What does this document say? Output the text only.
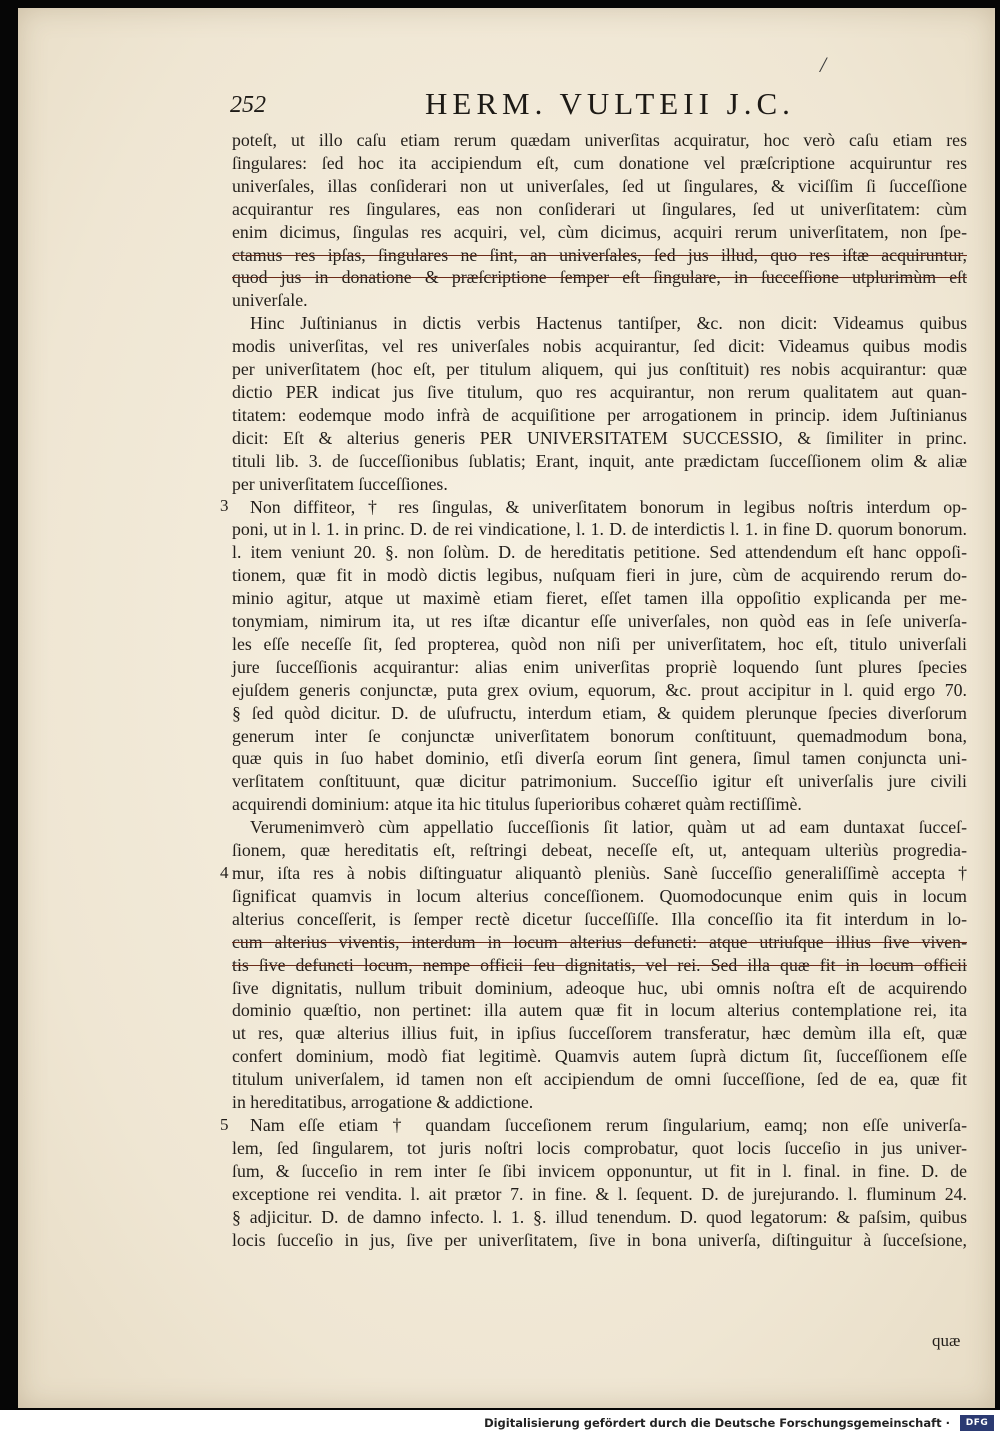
/
252	HERM. VULTEII J.C.
poteſt, ut illo caſu etiam rerum quædam univerſitas acquiratur, hoc verò caſu etiam res
ſingulares: ſed hoc ita accipiendum eſt, cum donatione vel præſcriptione acquiruntur res
univerſales, illas conſiderari non ut univerſales, ſed ut ſingulares, & viciſſim ſi ſucceſſione
acquirantur res ſingulares, eas non conſiderari ut ſingulares, ſed ut univerſitatem: cùm
enim dicimus, ſingulas res acquiri, vel, cùm dicimus, acquiri rerum univerſitatem, non ſpe-
ctamus res ipſas, ſingulares ne ſint, an univerſales, ſed jus illud, quo res iſtæ acquiruntur,
quod jus in donatione & præſcriptione ſemper eſt ſingulare, in ſucceſſione utplurimùm eſt
univerſale.
Hinc Juſtinianus in dictis verbis Hactenus tantiſper, &c. non dicit: Videamus quibus
modis univerſitas, vel res univerſales nobis acquirantur, ſed dicit: Videamus quibus modis
per univerſitatem (hoc eſt, per titulum aliquem, qui jus conſtituit) res nobis acquirantur: quæ
dictio PER indicat jus ſive titulum, quo res acquirantur, non rerum qualitatem aut quan-
titatem: eodemque modo infrà de acquiſitione per arrogationem in princip. idem Juſtinianus
dicit: Eſt & alterius generis PER UNIVERSITATEM SUCCESSIO, & ſimiliter in princ.
tituli lib. 3. de ſucceſſionibus ſublatis; Erant, inquit, ante prædictam ſucceſſionem olim & aliæ
per univerſitatem ſucceſſiones.
3	Non diffiteor, † res ſingulas, & univerſitatem bonorum in legibus noſtris interdum op-
poni, ut in l. 1. in princ. D. de rei vindicatione, l. 1. D. de interdictis l. 1. in fine D. quorum bonorum.
l. item veniunt 20. §. non ſolùm. D. de hereditatis petitione. Sed attendendum eſt hanc oppoſi-
tionem, quæ fit in modò dictis legibus, nuſquam fieri in jure, cùm de acquirendo rerum do-
minio agitur, atque ut maximè etiam fieret, eſſet tamen illa oppoſitio explicanda per me-
tonymiam, nimirum ita, ut res iſtæ dicantur eſſe univerſales, non quòd eas in ſeſe univerſa-
les eſſe neceſſe ſit, ſed propterea, quòd non niſi per univerſitatem, hoc eſt, titulo univerſali
jure ſucceſſionis acquirantur: alias enim univerſitas propriè loquendo ſunt plures ſpecies
ejuſdem generis conjunctæ, puta grex ovium, equorum, &c. prout accipitur in l. quid ergo 70.
§ ſed quòd dicitur. D. de uſufructu, interdum etiam, & quidem plerunque ſpecies diverſorum
generum inter ſe conjunctæ univerſitatem bonorum conſtituunt, quemadmodum bona,
quæ quis in ſuo habet dominio, etſi diverſa eorum ſint genera, ſimul tamen conjuncta uni-
verſitatem conſtituunt, quæ dicitur patrimonium. Succeſſio igitur eſt univerſalis jure civili
acquirendi dominium: atque ita hic titulus ſuperioribus cohæret quàm rectiſſimè.
Verumenimverò cùm appellatio ſucceſſionis ſit latior, quàm ut ad eam duntaxat ſucceſ-
ſionem, quæ hereditatis eſt, reſtringi debeat, neceſſe eſt, ut, antequam ulteriùs progredia-
4 mur, iſta res à nobis diſtinguatur aliquantò pleniùs. Sanè ſucceſſio generaliſſimè accepta †
ſignificat quamvis in locum alterius conceſſionem. Quomodocunque enim quis in locum
alterius conceſſerit, is ſemper rectè dicetur ſucceſſiſſe. Illa conceſſio ita fit interdum in lo-
cum alterius viventis, interdum in locum alterius defuncti: atque utriuſque illius ſive viven-
tis ſive defuncti locum, nempe officii ſeu dignitatis, vel rei. Sed illa quæ fit in locum officii
ſive dignitatis, nullum tribuit dominium, adeoque huc, ubi omnis noſtra eſt de acquirendo
dominio quæſtio, non pertinet: illa autem quæ fit in locum alterius contemplatione rei, ita
ut res, quæ alterius illius fuit, in ipſius ſucceſſorem transferatur, hæc demùm illa eſt, quæ
confert dominium, modò fiat legitimè. Quamvis autem ſuprà dictum ſit, ſucceſſionem eſſe
titulum univerſalem, id tamen non eſt accipiendum de omni ſucceſſione, ſed de ea, quæ fit
in hereditatibus, arrogatione & addictione.
5	Nam eſſe etiam † quandam ſucceſionem rerum ſingularium, eamq; non eſſe univerſa-
lem, ſed ſingularem, tot juris noſtri locis comprobatur, quot locis ſucceſio in jus univer-
ſum, & ſucceſio in rem inter ſe ſibi invicem opponuntur, ut fit in l. final. in fine. D. de
exceptione rei vendita. l. ait prætor 7. in fine. & l. ſequent. D. de jurejurando. l. fluminum 24.
§ adjicitur. D. de damno infecto. l. 1. §. illud tenendum. D. quod legatorum: & paſsim, quibus
locis ſucceſio in jus, ſive per univerſitatem, ſive in bona univerſa, diſtinguitur à ſucceſsione,
quæ
Digitalisierung gefördert durch die Deutsche Forschungsgemeinschaft ·	DFG
